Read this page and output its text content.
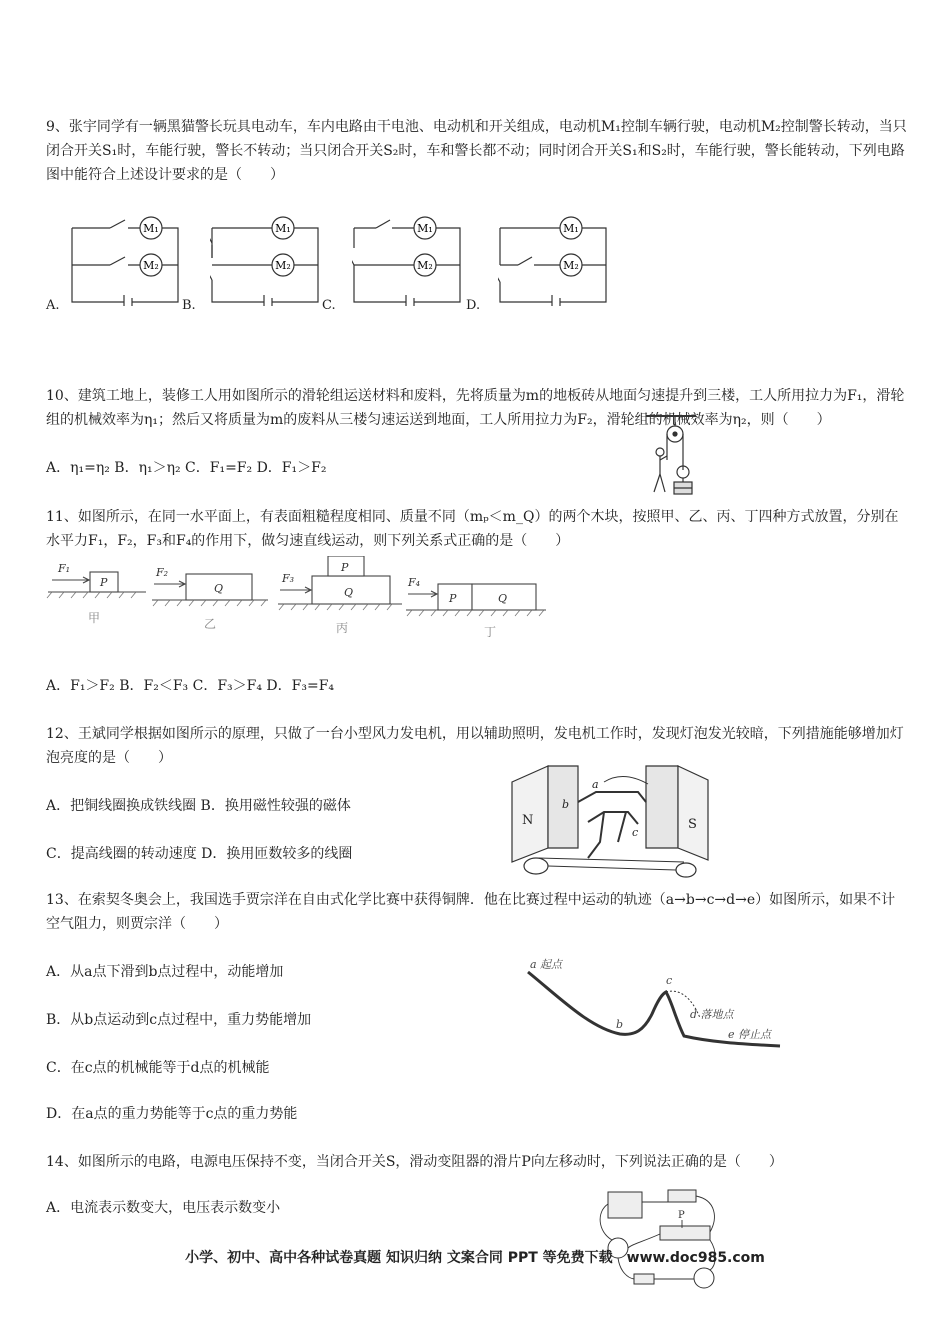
9、张宇同学有一辆黑猫警长玩具电动车，车内电路由干电池、电动机和开关组成，电动机M₁控制车辆行驶，电动机M₂控制警长转动，当只闭合开关S₁时，车能行驶，警长不转动；当只闭合开关S₂时，车和警长都不动；同时闭合开关S₁和S₂时，车能行驶，警长能转动，下列电路图中能符合上述设计要求的是（　　）

A.	B.	C.	D.
M₁
M₂
M₁
M₂
M₁
M₂
M₁
M₂

10、建筑工地上，装修工人用如图所示的滑轮组运送材料和废料，先将质量为m的地板砖从地面匀速提升到三楼，工人所用拉力为F₁，滑轮组的机械效率为η₁；然后又将质量为m的废料从三楼匀速运送到地面，工人所用拉力为F₂，滑轮组的机械效率为η₂，则（　　）

A．η₁=η₂ B．η₁＞η₂ C．F₁=F₂ D．F₁＞F₂

11、如图所示，在同一水平面上，有表面粗糙程度相同、质量不同（mₚ＜m_Q）的两个木块，按照甲、乙、丙、丁四种方式放置，分别在水平力F₁，F₂，F₃和F₄的作用下，做匀速直线运动，则下列关系式正确的是（　　）

F₁	F₂	F₃	F₄
P	Q
P
Q	P	Q
甲	乙	丙	丁

A．F₁＞F₂ B．F₂＜F₃ C．F₃＞F₄ D．F₃=F₄

12、王斌同学根据如图所示的原理，只做了一台小型风力发电机，用以辅助照明，发电机工作时，发现灯泡发光较暗，下列措施能够增加灯泡亮度的是（　　）

A．把铜线圈换成铁线圈 B．换用磁性较强的磁体

C．提高线圈的转动速度 D．换用匝数较多的线圈

N	S
a
b
c

13、在索契冬奥会上，我国选手贾宗洋在自由式化学比赛中获得铜牌．他在比赛过程中运动的轨迹（a→b→c→d→e）如图所示，如果不计空气阻力，则贾宗洋（　　）

A．从a点下滑到b点过程中，动能增加

B．从b点运动到c点过程中，重力势能增加

C．在c点的机械能等于d点的机械能

D．在a点的重力势能等于c点的重力势能

a 起点
b
c
d 落地点
e 停止点

14、如图所示的电路，电源电压保持不变，当闭合开关S，滑动变阻器的滑片P向左移动时，下列说法正确的是（　　）

A．电流表示数变大，电压表示数变小	P
小学、初中、高中各种试卷真题 知识归纳 文案合同 PPT 等免费下载　www.doc985.com
